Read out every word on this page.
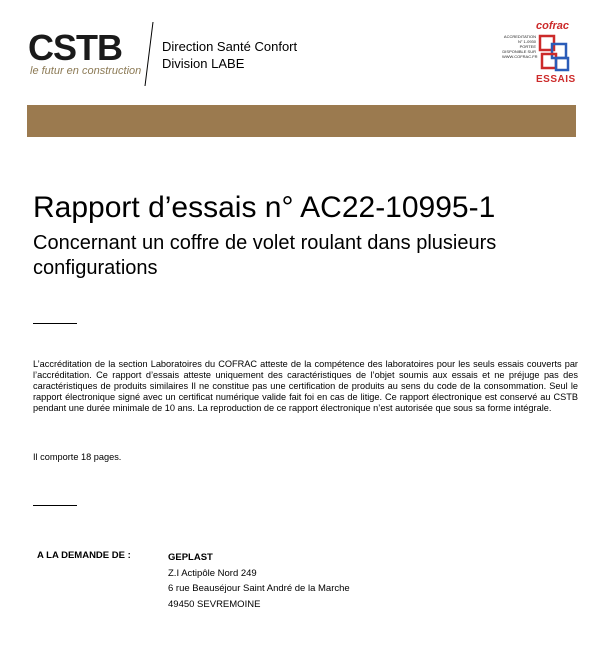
CSTB
le futur en construction
Direction Santé Confort
Division LABE
cofrac
ACCREDITATION
N° 1-0930
PORTEE
DISPONIBLE SUR
WWW.COFRAC.FR
ESSAIS
Rapport d’essais n° AC22-10995-1
Concernant un coffre de volet roulant dans plusieurs configurations
L’accréditation de la section Laboratoires du COFRAC atteste de la compétence des laboratoires pour les seuls essais couverts par l’accréditation. Ce rapport d’essais atteste uniquement des caractéristiques de l’objet soumis aux essais et ne préjuge pas des caractéristiques de produits similaires Il ne constitue pas une certification de produits au sens du code de la consommation. Seul le rapport électronique signé avec un certificat numérique valide fait foi en cas de litige. Ce rapport électronique est conservé au CSTB pendant une durée minimale de 10 ans. La reproduction de ce rapport électronique n’est autorisée que sous sa forme intégrale.
Il comporte 18 pages.
A LA DEMANDE DE :	GEPLAST
Z.I Actipôle Nord 249
6 rue Beauséjour Saint André de la Marche
49450 SEVREMOINE
